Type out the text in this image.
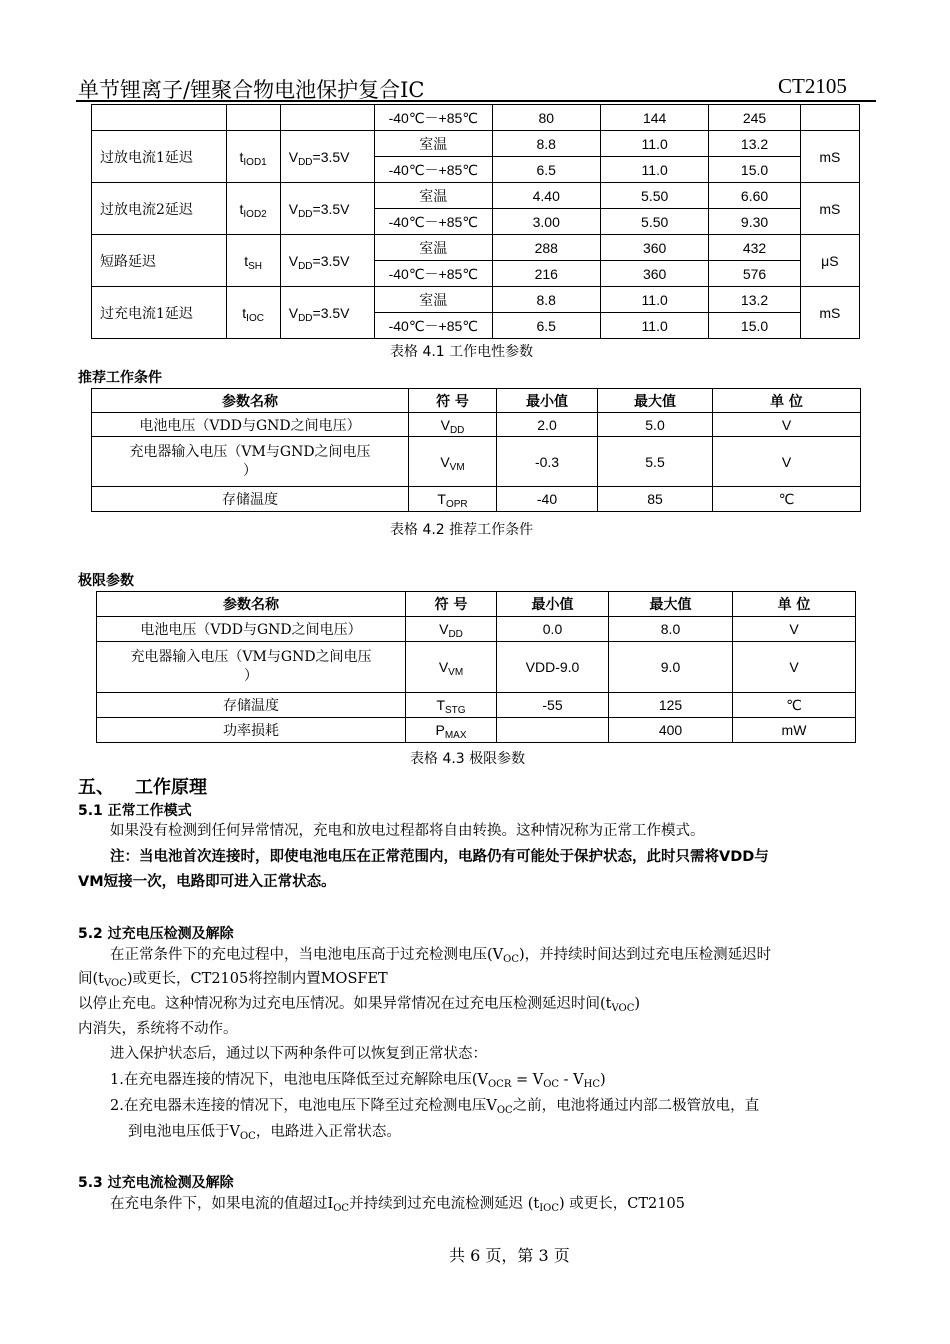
单节锂离子/锂聚合物电池保护复合IC	CT2105
			-40℃－+85℃	80	144	245	
过放电流1延迟	$t_{IOD1}$	$V_{DD}=3.5V$	室温	8.8	11.0	13.2	mS
			-40℃－+85℃	6.5	11.0	15.0	
过放电流2延迟	$t_{IOD2}$	$V_{DD}=3.5V$	室温	4.40	5.50	6.60	mS
			-40℃－+85℃	3.00	5.50	9.30	
短路延迟	$t_{SH}$	$V_{DD}=3.5V$	室温	288	360	432	μS
			-40℃－+85℃	216	360	576	
过充电流1延迟	$t_{IOC}$	$V_{DD}=3.5V$	室温	8.8	11.0	13.2	mS
			-40℃－+85℃	6.5	11.0	15.0	
表格 4.1 工作电性参数
推荐工作条件
参数名称	符 号	最小值	最大值	单 位
电池电压（VDD与GND之间电压）	$V_{DD}$	2.0	5.0	V

充电器输入电压（VM与GND之间电压
）	$V_{VM}$	-0.3	5.5	V
存储温度	$T_{OPR}$	-40	85	℃
表格 4.2 推荐工作条件
极限参数
参数名称	符 号	最小值	最大值	单 位
电池电压（VDD与GND之间电压）	$V_{DD}$	0.0	8.0	V

充电器输入电压（VM与GND之间电压
）	$V_{VM}$	VDD-9.0	9.0	V
存储温度	$T_{STG}$	-55	125	℃
功率损耗	$P_{MAX}$		400	mW
表格 4.3 极限参数
五、 工作原理
5.1 正常工作模式
如果没有检测到任何异常情况，充电和放电过程都将自由转换。这种情况称为正常工作模式。
注：当电池首次连接时，即使电池电压在正常范围内，电路仍有可能处于保护状态，此时只需将VDD与
VM短接一次，电路即可进入正常状态。
5.2 过充电压检测及解除
在正常条件下的充电过程中，当电池电压高于过充检测电压$(V_{OC})$，并持续时间达到过充电压检测延迟时
间$(t_{VOC})$或更长，CT2105将控制内置MOSFET
以停止充电。这种情况称为过充电压情况。如果异常情况在过充电压检测延迟时间$(t_{VOC})$
内消失，系统将不动作。
进入保护状态后，通过以下两种条件可以恢复到正常状态：
1.在充电器连接的情况下，电池电压降低至过充解除电压$(V_{OCR} = V_{OC} - V_{HC})$
2.在充电器未连接的情况下，电池电压下降至过充检测电压$V_{OC}$之前，电池将通过内部二极管放电，直
到电池电压低于$V_{OC}$，电路进入正常状态。
5.3 过充电流检测及解除
在充电条件下，如果电流的值超过$I_{OC}$并持续到过充电流检测延迟 $(t_{IOC})$ 或更长，CT2105
共 6 页，第 3 页
